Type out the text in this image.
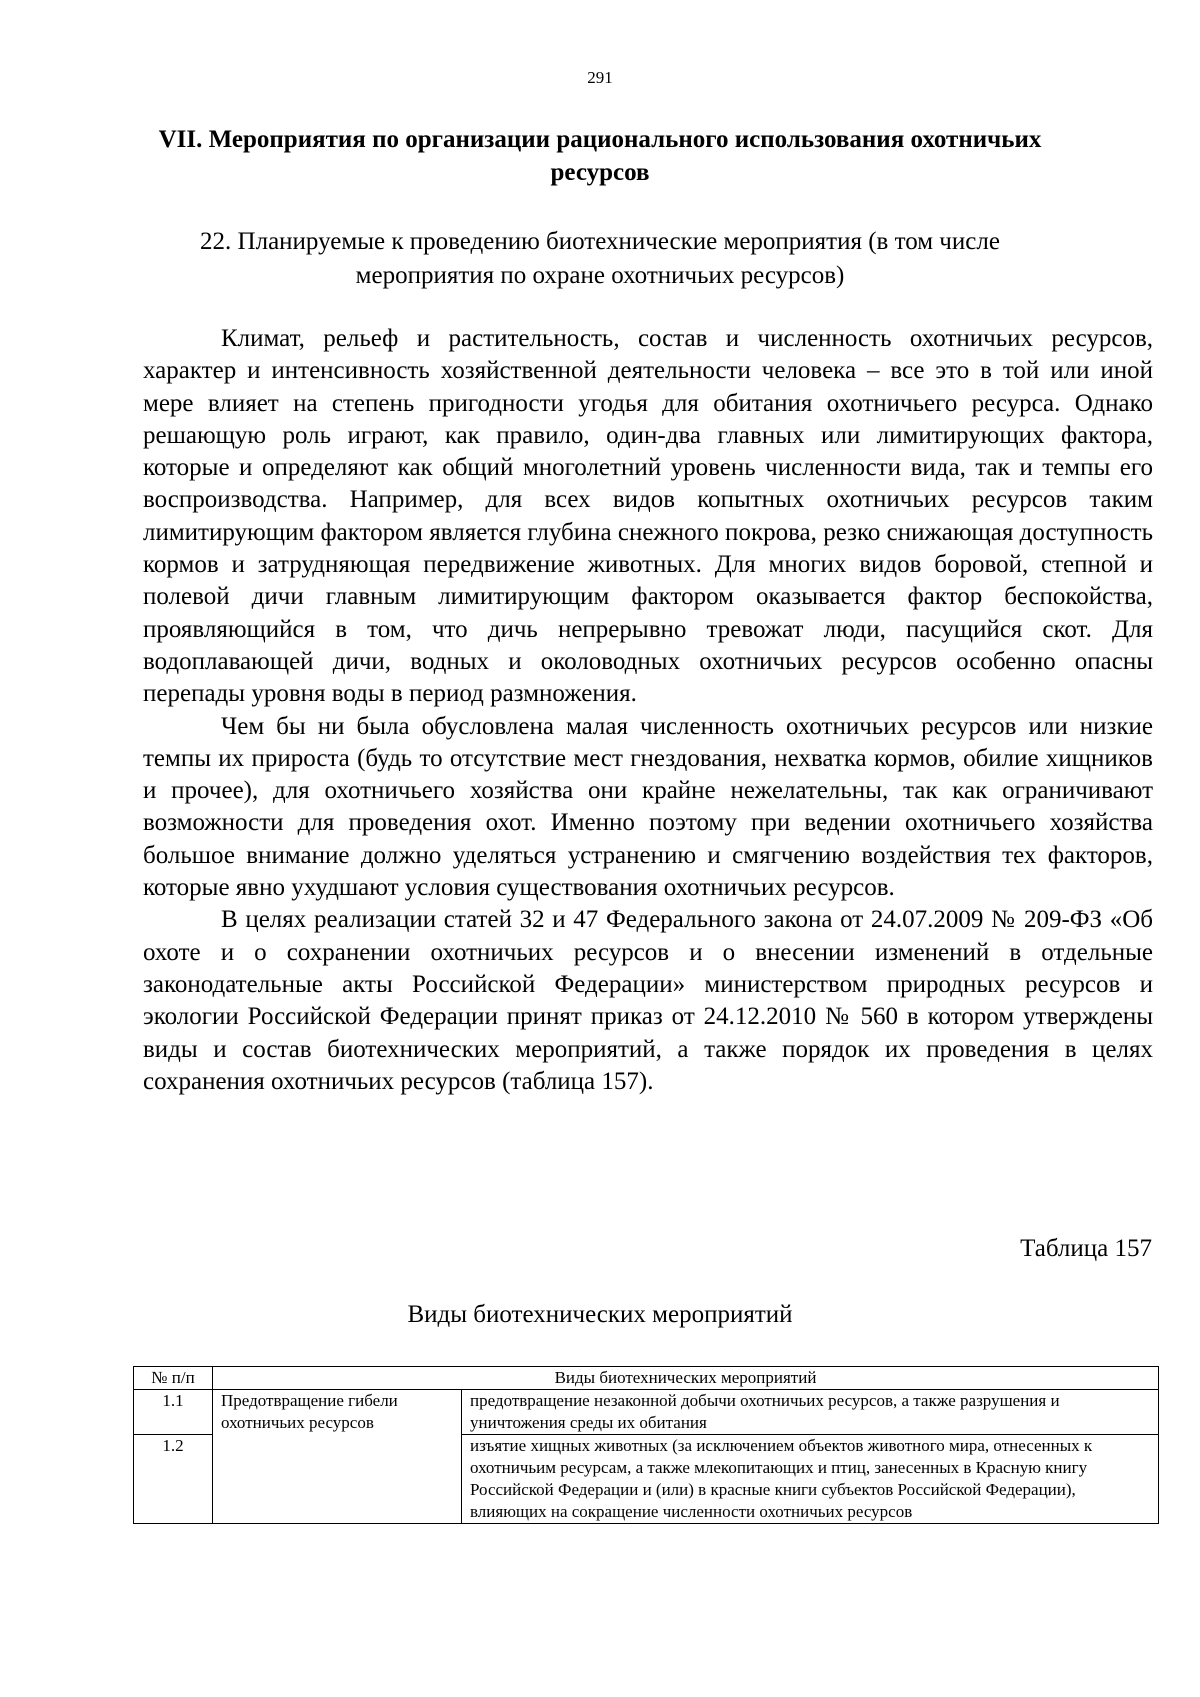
291
VII. Мероприятия по организации рационального использования охотничьих ресурсов
22. Планируемые к проведению биотехнические мероприятия (в том числе мероприятия по охране охотничьих ресурсов)

Климат, рельеф и растительность, состав и численность охотничьих ресурсов, характер и интенсивность хозяйственной деятельности человека – все это в той или иной мере влияет на степень пригодности угодья для обитания охотничьего ресурса. Однако решающую роль играют, как правило, один-два главных или лимитирующих фактора, которые и определяют как общий многолетний уровень численности вида, так и темпы его воспроизводства. Например, для всех видов копытных охотничьих ресурсов таким лимитирующим фактором является глубина снежного покрова, резко снижающая доступность кормов и затрудняющая передвижение животных. Для многих видов боровой, степной и полевой дичи главным лимитирующим фактором оказывается фактор беспокойства, проявляющийся в том, что дичь непрерывно тревожат люди, пасущийся скот. Для водоплавающей дичи, водных и околоводных охотничьих ресурсов особенно опасны перепады уровня воды в период размножения.

Чем бы ни была обусловлена малая численность охотничьих ресурсов или низкие темпы их прироста (будь то отсутствие мест гнездования, нехватка кормов, обилие хищников и прочее), для охотничьего хозяйства они крайне нежелательны, так как ограничивают возможности для проведения охот. Именно поэтому при ведении охотничьего хозяйства большое внимание должно уделяться устранению и смягчению воздействия тех факторов, которые явно ухудшают условия существования охотничьих ресурсов.

В целях реализации статей 32 и 47 Федерального закона от 24.07.2009 № 209-ФЗ «Об охоте и о сохранении охотничьих ресурсов и о внесении изменений в отдельные законодательные акты Российской Федерации» министерством природных ресурсов и экологии Российской Федерации принят приказ от 24.12.2010 № 560 в котором утверждены виды и состав биотехнических мероприятий, а также порядок их проведения в целях сохранения охотничьих ресурсов (таблица 157).

Таблица 157
Виды биотехнических мероприятий
№ п/п	Виды биотехнических мероприятий	
1.1	Предотвращение гибели охотничьих ресурсов	предотвращение незаконной добычи охотничьих ресурсов, а также разрушения и уничтожения среды их обитания
1.2		изъятие хищных животных (за исключением объектов животного мира, отнесенных к охотничьим ресурсам, а также млекопитающих и птиц, занесенных в Красную книгу Российской Федерации и (или) в красные книги субъектов Российской Федерации), влияющих на сокращение численности охотничьих ресурсов
